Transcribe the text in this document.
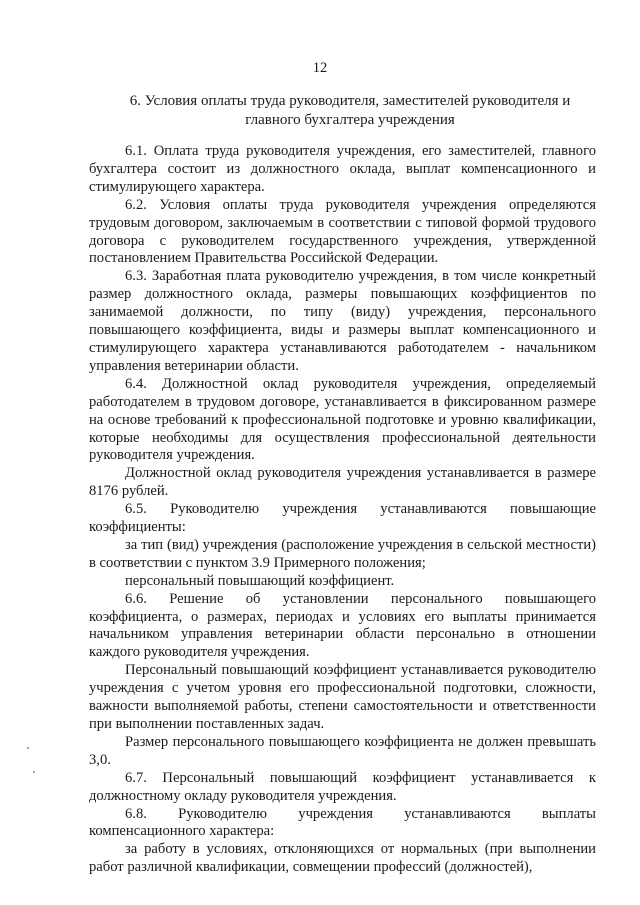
12
6. Условия оплаты труда руководителя, заместителей руководителя и
главного бухгалтера учреждения

6.1. Оплата труда руководителя учреждения, его заместителей, главного бухгалтера состоит из должностного оклада, выплат компенсационного и стимулирующего характера.

6.2. Условия оплаты труда руководителя учреждения определяются трудовым договором, заключаемым в соответствии с типовой формой трудового договора с руководителем государственного учреждения, утвержденной постановлением Правительства Российской Федерации.

6.3. Заработная плата руководителю учреждения, в том числе конкретный размер должностного оклада, размеры повышающих коэффициентов по занимаемой должности, по типу (виду) учреждения, персонального повышающего коэффициента, виды и размеры выплат компенсационного и стимулирующего характера устанавливаются работодателем - начальником управления ветеринарии области.

6.4. Должностной оклад руководителя учреждения, определяемый работодателем в трудовом договоре, устанавливается в фиксированном размере на основе требований к профессиональной подготовке и уровню квалификации, которые необходимы для осуществления профессиональной деятельности руководителя учреждения.

Должностной оклад руководителя учреждения устанавливается в размере 8176 рублей.

6.5. Руководителю учреждения устанавливаются повышающие коэффициенты:

за тип (вид) учреждения (расположение учреждения в сельской местности) в соответствии с пунктом 3.9 Примерного положения;

персональный повышающий коэффициент.

6.6. Решение об установлении персонального повышающего коэффициента, о размерах, периодах и условиях его выплаты принимается начальником управления ветеринарии области персонально в отношении каждого руководителя учреждения.

Персональный повышающий коэффициент устанавливается руководителю учреждения с учетом уровня его профессиональной подготовки, сложности, важности выполняемой работы, степени самостоятельности и ответственности при выполнении поставленных задач.

Размер персонального повышающего коэффициента не должен превышать 3,0.

6.7. Персональный повышающий коэффициент устанавливается к должностному окладу руководителя учреждения.

6.8. Руководителю учреждения устанавливаются выплаты компенсационного характера:

за работу в условиях, отклоняющихся от нормальных (при выполнении работ различной квалификации, совмещении профессий (должностей),
